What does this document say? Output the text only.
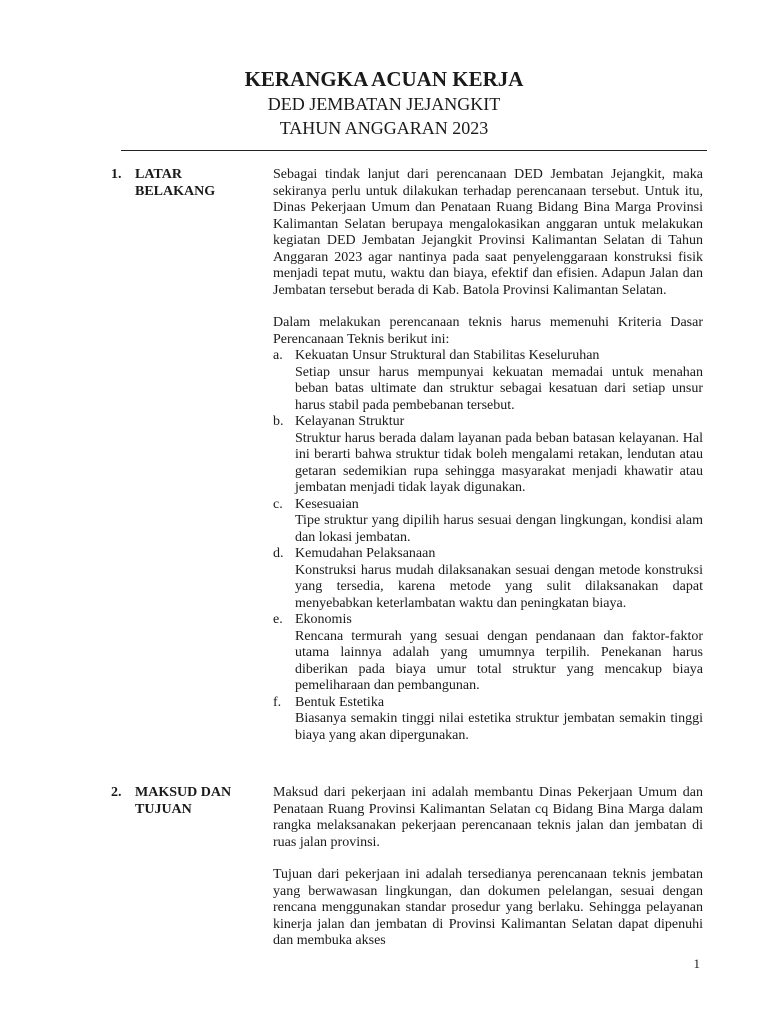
KERANGKA ACUAN KERJA
DED JEMBATAN JEJANGKIT
TAHUN ANGGARAN 2023
1. LATAR BELAKANG

Sebagai tindak lanjut dari perencanaan DED Jembatan Jejangkit, maka sekiranya perlu untuk dilakukan terhadap perencanaan tersebut. Untuk itu, Dinas Pekerjaan Umum dan Penataan Ruang Bidang Bina Marga Provinsi Kalimantan Selatan berupaya mengalokasikan anggaran untuk melakukan kegiatan DED Jembatan Jejangkit Provinsi Kalimantan Selatan di Tahun Anggaran 2023 agar nantinya pada saat penyelenggaraan konstruksi fisik menjadi tepat mutu, waktu dan biaya, efektif dan efisien. Adapun Jalan dan Jembatan tersebut berada di Kab. Batola Provinsi Kalimantan Selatan.

Dalam melakukan perencanaan teknis harus memenuhi Kriteria Dasar Perencanaan Teknis berikut ini:

a. Kekuatan Unsur Struktural dan Stabilitas Keseluruhan
Setiap unsur harus mempunyai kekuatan memadai untuk menahan beban batas ultimate dan struktur sebagai kesatuan dari setiap unsur harus stabil pada pembebanan tersebut.
b. Kelayanan Struktur
Struktur harus berada dalam layanan pada beban batasan kelayanan. Hal ini berarti bahwa struktur tidak boleh mengalami retakan, lendutan atau getaran sedemikian rupa sehingga masyarakat menjadi khawatir atau jembatan menjadi tidak layak digunakan.
c. Kesesuaian
Tipe struktur yang dipilih harus sesuai dengan lingkungan, kondisi alam dan lokasi jembatan.
d. Kemudahan Pelaksanaan
Konstruksi harus mudah dilaksanakan sesuai dengan metode konstruksi yang tersedia, karena metode yang sulit dilaksanakan dapat menyebabkan keterlambatan waktu dan peningkatan biaya.
e. Ekonomis
Rencana termurah yang sesuai dengan pendanaan dan faktor-faktor utama lainnya adalah yang umumnya terpilih. Penekanan harus diberikan pada biaya umur total struktur yang mencakup biaya pemeliharaan dan pembangunan.
f. Bentuk Estetika
Biasanya semakin tinggi nilai estetika struktur jembatan semakin tinggi biaya yang akan dipergunakan.
2. MAKSUD DAN TUJUAN

Maksud dari pekerjaan ini adalah membantu Dinas Pekerjaan Umum dan Penataan Ruang Provinsi Kalimantan Selatan cq Bidang Bina Marga dalam rangka melaksanakan pekerjaan perencanaan teknis jalan dan jembatan di ruas jalan provinsi.

Tujuan dari pekerjaan ini adalah tersedianya perencanaan teknis jembatan yang berwawasan lingkungan, dan dokumen pelelangan, sesuai dengan rencana menggunakan standar prosedur yang berlaku. Sehingga pelayanan kinerja jalan dan jembatan di Provinsi Kalimantan Selatan dapat dipenuhi dan membuka akses

1
